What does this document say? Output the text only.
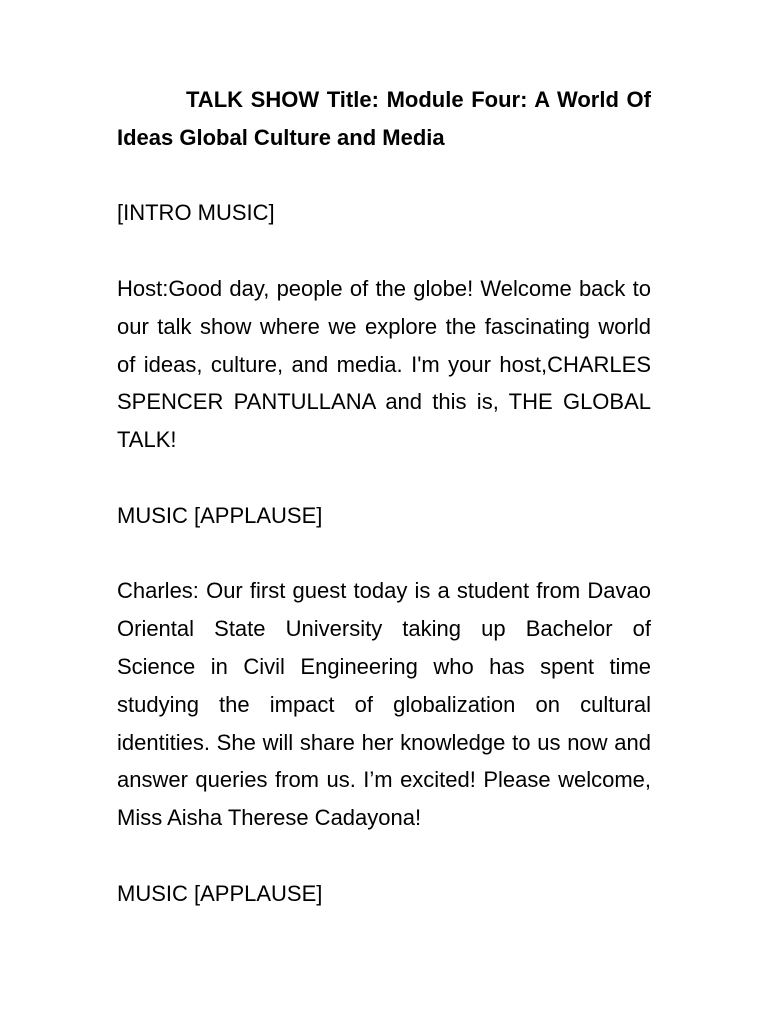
TALK SHOW Title: Module Four: A World Of Ideas Global Culture and Media

[INTRO MUSIC]

Host:Good day, people of the globe! Welcome back to our talk show where we explore the fascinating world of ideas, culture, and media. I'm your host,CHARLES SPENCER PANTULLANA and this is, THE GLOBAL TALK!

MUSIC [APPLAUSE]

Charles: Our first guest today is a student from Davao Oriental State University taking up Bachelor of Science in Civil Engineering who has spent time studying the impact of globalization on cultural identities. She will share her knowledge to us now and answer queries from us. I’m excited! Please welcome, Miss Aisha Therese Cadayona!

MUSIC [APPLAUSE]
